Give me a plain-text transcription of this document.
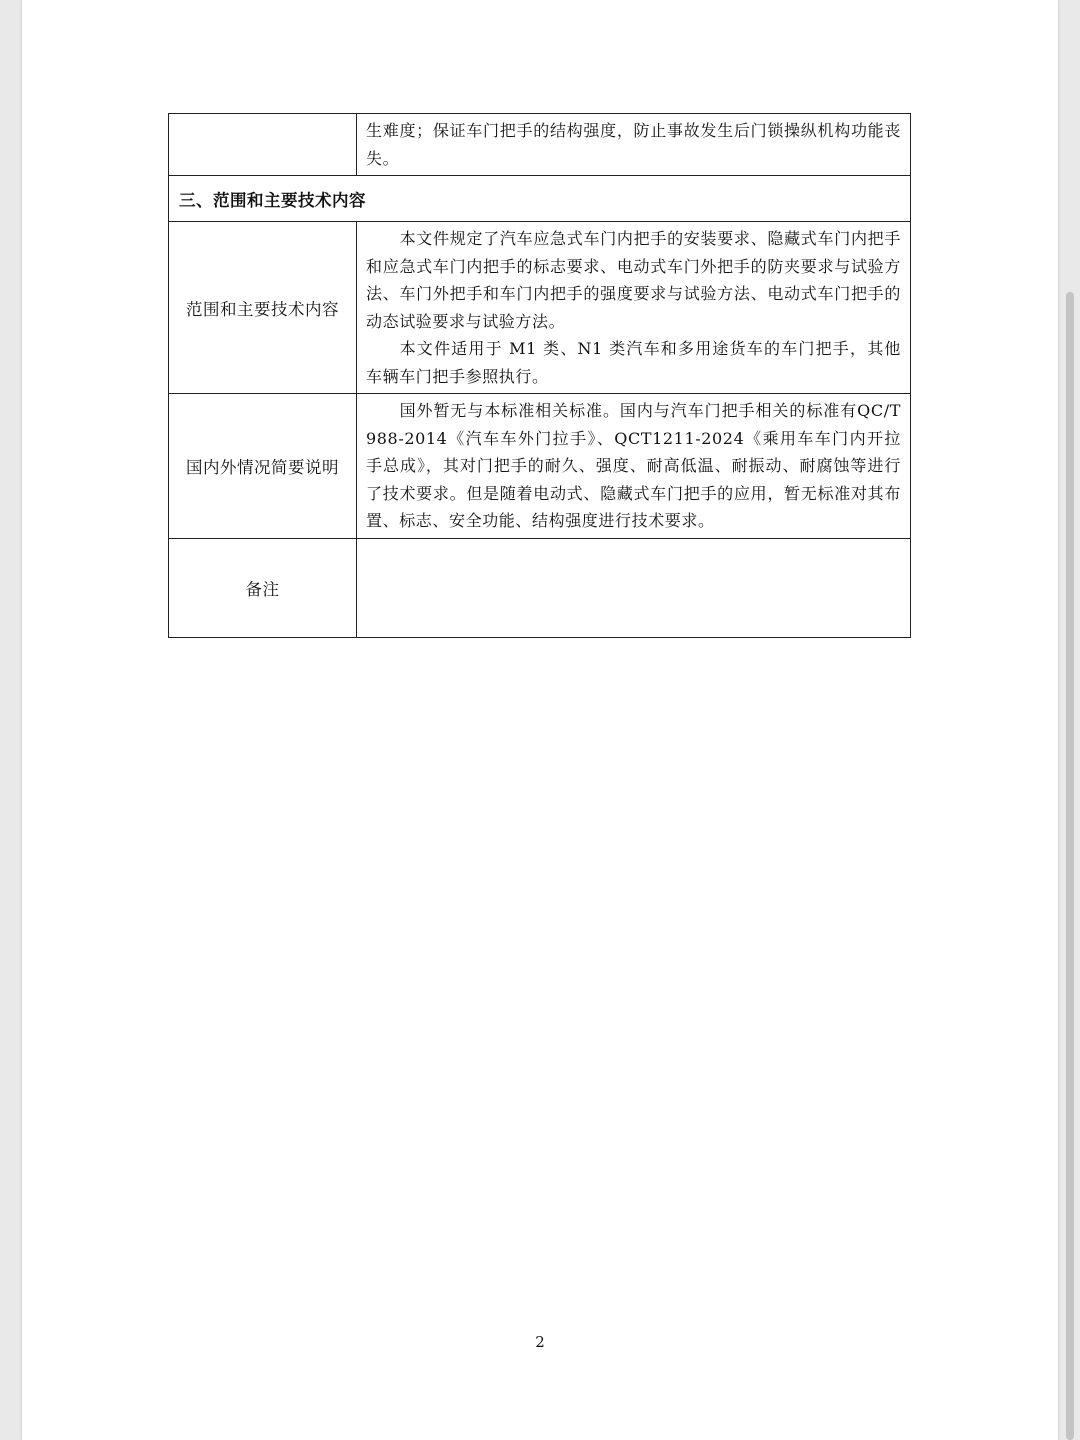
	生难度；保证车门把手的结构强度，防止事故发生后门锁操纵机构功能丧失。

三、范围和主要技术内容	
范围和主要技术内容	本文件规定了汽车应急式车门内把手的安装要求、隐藏式车门内把手和应急式车门内把手的标志要求、电动式车门外把手的防夹要求与试验方法、车门外把手和车门内把手的强度要求与试验方法、电动式车门把手的动态试验要求与试验方法。

本文件适用于 M1 类、N1 类汽车和多用途货车的车门把手，其他车辆车门把手参照执行。

国内外情况简要说明	国外暂无与本标准相关标准。国内与汽车门把手相关的标准有QC/T 988-2014《汽车车外门拉手》、QCT1211-2024《乘用车车门内开拉手总成》，其对门把手的耐久、强度、耐高低温、耐振动、耐腐蚀等进行了技术要求。但是随着电动式、隐藏式车门把手的应用，暂无标准对其布置、标志、安全功能、结构强度进行技术要求。

备注	
2
